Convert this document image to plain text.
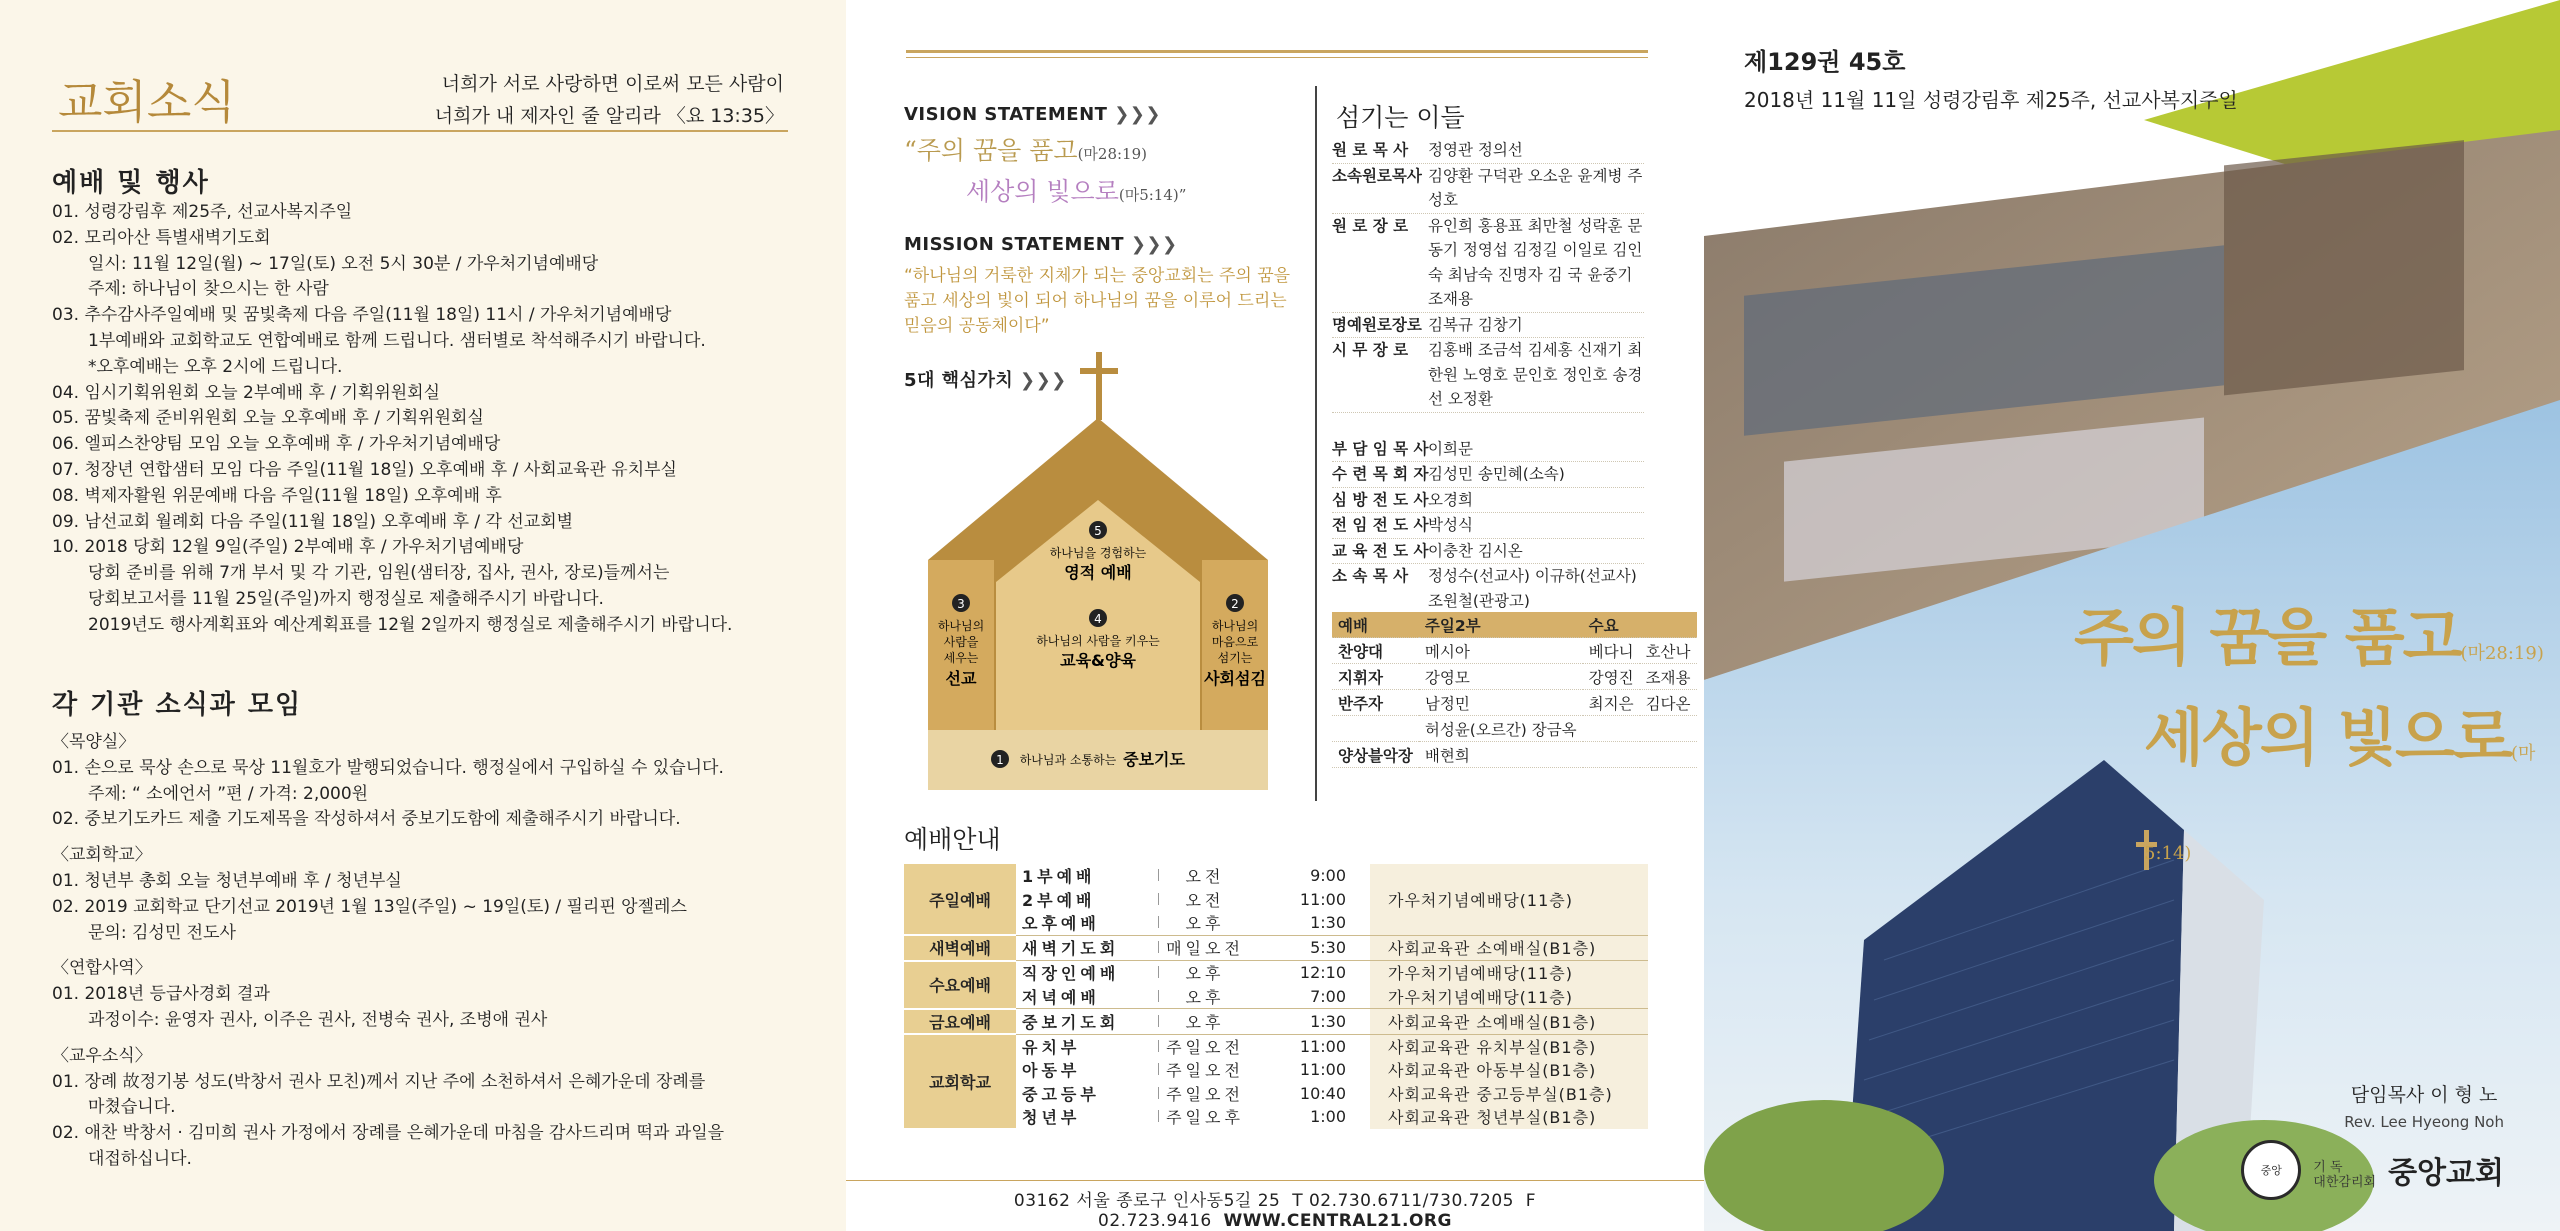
교회소식	너희가 서로 사랑하면 이로써 모든 사람이
너희가 내 제자인 줄 알리라 〈요 13:35〉
예배 및 행사
01. 성령강림후 제25주, 선교사복지주일
02. 모리아산 특별새벽기도회
일시: 11월 12일(월) ~ 17일(토) 오전 5시 30분 / 가우처기념예배당
주제: 하나님이 찾으시는 한 사람
03. 추수감사주일예배 및 꿈빛축제 다음 주일(11월 18일) 11시 / 가우처기념예배당
1부예배와 교회학교도 연합예배로 함께 드립니다. 샘터별로 착석해주시기 바랍니다.
*오후예배는 오후 2시에 드립니다.
04. 임시기획위원회 오늘 2부예배 후 / 기획위원회실
05. 꿈빛축제 준비위원회 오늘 오후예배 후 / 기획위원회실
06. 엘피스찬양팀 모임 오늘 오후예배 후 / 가우처기념예배당
07. 청장년 연합샘터 모임 다음 주일(11월 18일) 오후예배 후 / 사회교육관 유치부실
08. 벽제자활원 위문예배 다음 주일(11월 18일) 오후예배 후
09. 남선교회 월례회 다음 주일(11월 18일) 오후예배 후 / 각 선교회별
10. 2018 당회 12월 9일(주일) 2부예배 후 / 가우처기념예배당
당회 준비를 위해 7개 부서 및 각 기관, 임원(샘터장, 집사, 권사, 장로)들께서는
당회보고서를 11월 25일(주일)까지 행정실로 제출해주시기 바랍니다.
2019년도 행사계획표와 예산계획표를 12월 2일까지 행정실로 제출해주시기 바랍니다.
각 기관 소식과 모임
〈목양실〉
01. 손으로 묵상 손으로 묵상 11월호가 발행되었습니다. 행정실에서 구입하실 수 있습니다.
주제: “ 소에언서 ”편 / 가격: 2,000원
02. 중보기도카드 제출 기도제목을 작성하셔서 중보기도함에 제출해주시기 바랍니다.
〈교회학교〉
01. 청년부 총회 오늘 청년부예배 후 / 청년부실
02. 2019 교회학교 단기선교 2019년 1월 13일(주일) ~ 19일(토) / 필리핀 앙젤레스
문의: 김성민 전도사
〈연합사역〉
01. 2018년 등급사경회 결과
과정이수: 윤영자 권사, 이주은 권사, 전병숙 권사, 조병애 권사
〈교우소식〉
01. 장례 故정기봉 성도(박창서 권사 모친)께서 지난 주에 소천하셔서 은혜가운데 장례를
마쳤습니다.
02. 애찬 박창서 · 김미희 권사 가정에서 장례를 은혜가운데 마침을 감사드리며 떡과 과일을
대접하십니다.
VISION STATEMENT ❯❯❯
“주의 꿈을 품고(마28:19)
세상의 빛으로(마5:14)”
MISSION STATEMENT ❯❯❯
“하나님의 거룩한 지체가 되는 중앙교회는 주의 꿈을 품고 세상의 빛이 되어 하나님의 꿈을 이루어 드리는 믿음의 공동체이다”
5대 핵심가치 ❯❯❯
5
하나님을 경험하는
영적 예배
4
하나님의 사람을 키우는
교육&양육
3
하나님의
사람을
세우는
선교
2
하나님의
마음으로
섬기는
사회섬김
1 하나님과 소통하는 중보기도
섬기는 이들
원 로 목 사	정영관 정의선
소속원로목사 김양환 구덕관 오소운 윤계병 주성호
원 로 장 로	유인희 홍용표 최만철 성락훈 문동기 정영섭 김정길 이일로 김인숙 최남숙 진명자 김 국 윤중기 조재용
명예원로장로 김복규 김창기
시 무 장 로	김홍배 조금석 김세홍 신재기 최한원 노영호 문인호 정인호 송경선 오정환
부 담 임 목 사 이희문
수 련 목 회 자 김성민 송민혜(소속)
심 방 전 도 사 오경희
전 임 전 도 사 박성식
교 육 전 도 사 이충찬 김시온
소 속 목 사	정성수(선교사) 이규하(선교사) 조원철(관광고)
예배	주일2부	수요	
찬양대	메시아	베다니	호산나
지휘자	강영모	강영진	조재용
반주자	남정민	최지은	김다온
	허성윤(오르간) 장금옥		
양상블악장	배현희		
예배안내
주일예배	1부예배		오전	9:00	
	2부예배		오전	11:00	가우처기념예배당(11층)
	오후예배		오후	1:30	
새벽예배	새벽기도회		매일오전	5:30	사회교육관 소예배실(B1층)
수요예배	직장인예배		오후	12:10	가우처기념예배당(11층)
	저녁예배		오후	7:00	가우처기념예배당(11층)
금요예배	중보기도회		오후	1:30	사회교육관 소예배실(B1층)
교회학교	유치부		주일오전	11:00	사회교육관 유치부실(B1층)
	아동부		주일오전	11:00	사회교육관 아동부실(B1층)
	중고등부		주일오전	10:40	사회교육관 중고등부실(B1층)
	청년부		주일오후	1:00	사회교육관 청년부실(B1층)
03162 서울 종로구 인사동5길 25 T 02.730.6711/730.7205 F 02.723.9416 WWW.CENTRAL21.ORG
제129권 45호
2018년 11월 11일 성령강림후 제25주, 선교사복지주일
주의 꿈을 품고(마28:19)
세상의 빛으로(마5:14)
담임목사 이 형 노
Rev. Lee Hyeong Noh
중앙	기 독
대한감리회 중앙교회
